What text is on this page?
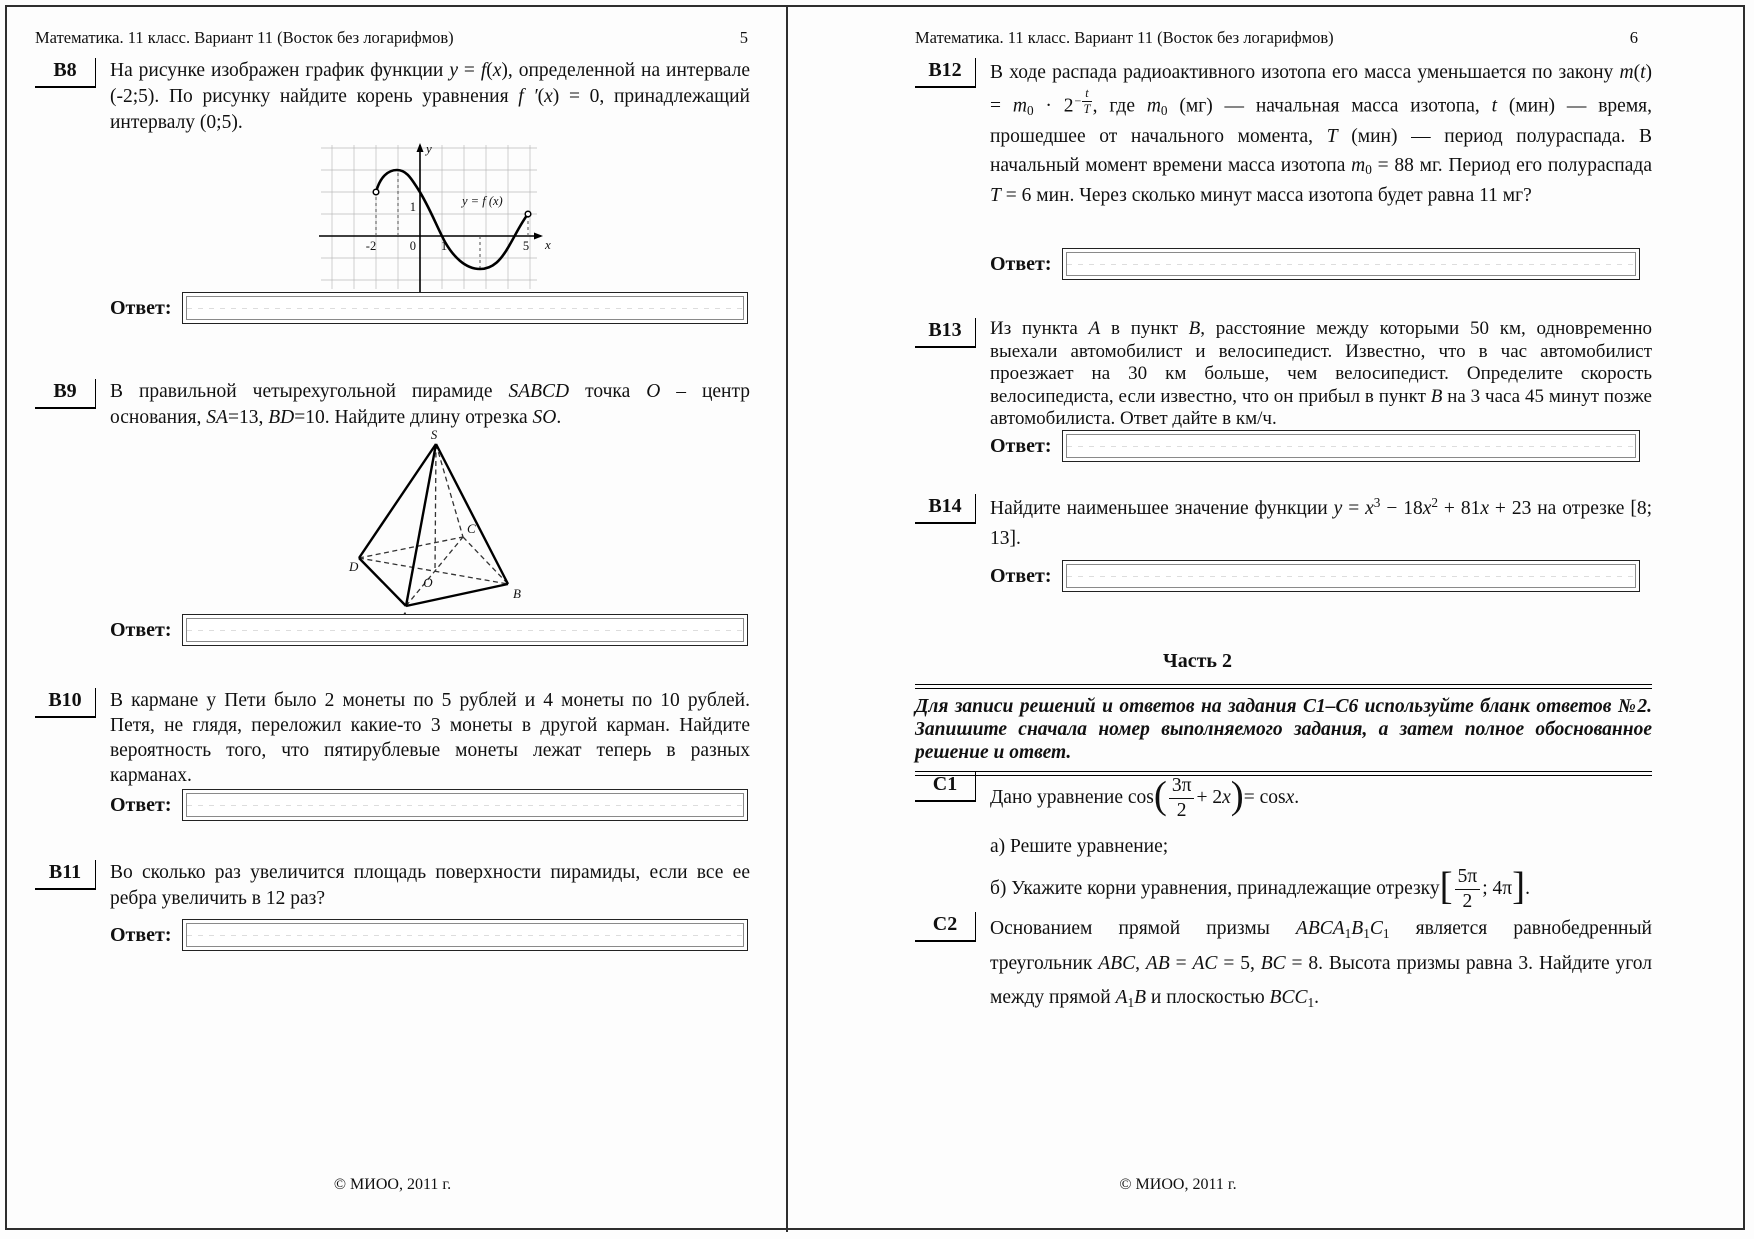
Математика. 11 класс. Вариант 11 (Восток без логарифмов)	5
В8	На рисунке изображен график функции y = f(x), определенной на интервале (-2;5). По рисунку найдите корень уравнения f ′(x) = 0, принадлежащий интервалу (0;5).
y
x
-2	0 1	5
1	y = f (x)
Ответ:
В9	В правильной четырехугольной пирамиде SABCD точка O – центр основания, SA=13, BD=10. Найдите длину отрезка SO.
S
D
B
C
O
Ответ:
В10	В кармане у Пети было 2 монеты по 5 рублей и 4 монеты по 10 рублей. Петя, не глядя, переложил какие-то 3 монеты в другой карман. Найдите вероятность того, что пятирублевые монеты лежат теперь в разных карманах.
Ответ:
В11	Во сколько раз увеличится площадь поверхности пирамиды, если все ее ребра увеличить в 12 раз?
Ответ:
© МИОО, 2011 г.
Математика. 11 класс. Вариант 11 (Восток без логарифмов)	6
В12	В ходе распада радиоактивного изотопа его масса уменьшается по закону $m(t) = m0 \cdot 2 - \frac{t}{T}$ , где m0 (мг) — начальная масса изотопа, t (мин) — время, прошедшее от начального момента, T (мин) — период полураспада. В начальный момент времени масса изотопа m0 = 88 мг. Период его полураспада T = 6 мин. Через сколько минут масса изотопа будет равна 11 мг?
Ответ:
В13	Из пункта А в пункт В, расстояние между которыми 50 км, одновременно выехали автомобилист и велосипедист. Известно, что в час автомобилист проезжает на 30 км больше, чем велосипедист. Определите скорость велосипедиста, если известно, что он прибыл в пункт В на 3 часа 45 минут позже автомобилиста. Ответ дайте в км/ч.
Ответ:
В14	Найдите наименьшее значение функции $y = x^3 - 18x^2 + 81x + 23$ на отрезке [8; 13].
Ответ:
Часть 2
Для записи решений и ответов на задания С1–С6 используйте бланк ответов №2. Запишите сначала номер выполняемого задания, а затем полное обоснованное решение и ответ.
С1
Дано уравнение cos ( $\frac{3\pi}{2} + 2$ x ) = cos x .
а) Решите уравнение;
б) Укажите корни уравнения, принадлежащие отрезку [ $\frac{5\pi}{2}$ ; 4π ] .
С2	Основанием прямой призмы ABCA1B1C1 является равнобедренный треугольник ABC, AB = AC = 5, BC = 8. Высота призмы равна 3. Найдите угол между прямой A1B и плоскостью BCC1.
© МИОО, 2011 г.
